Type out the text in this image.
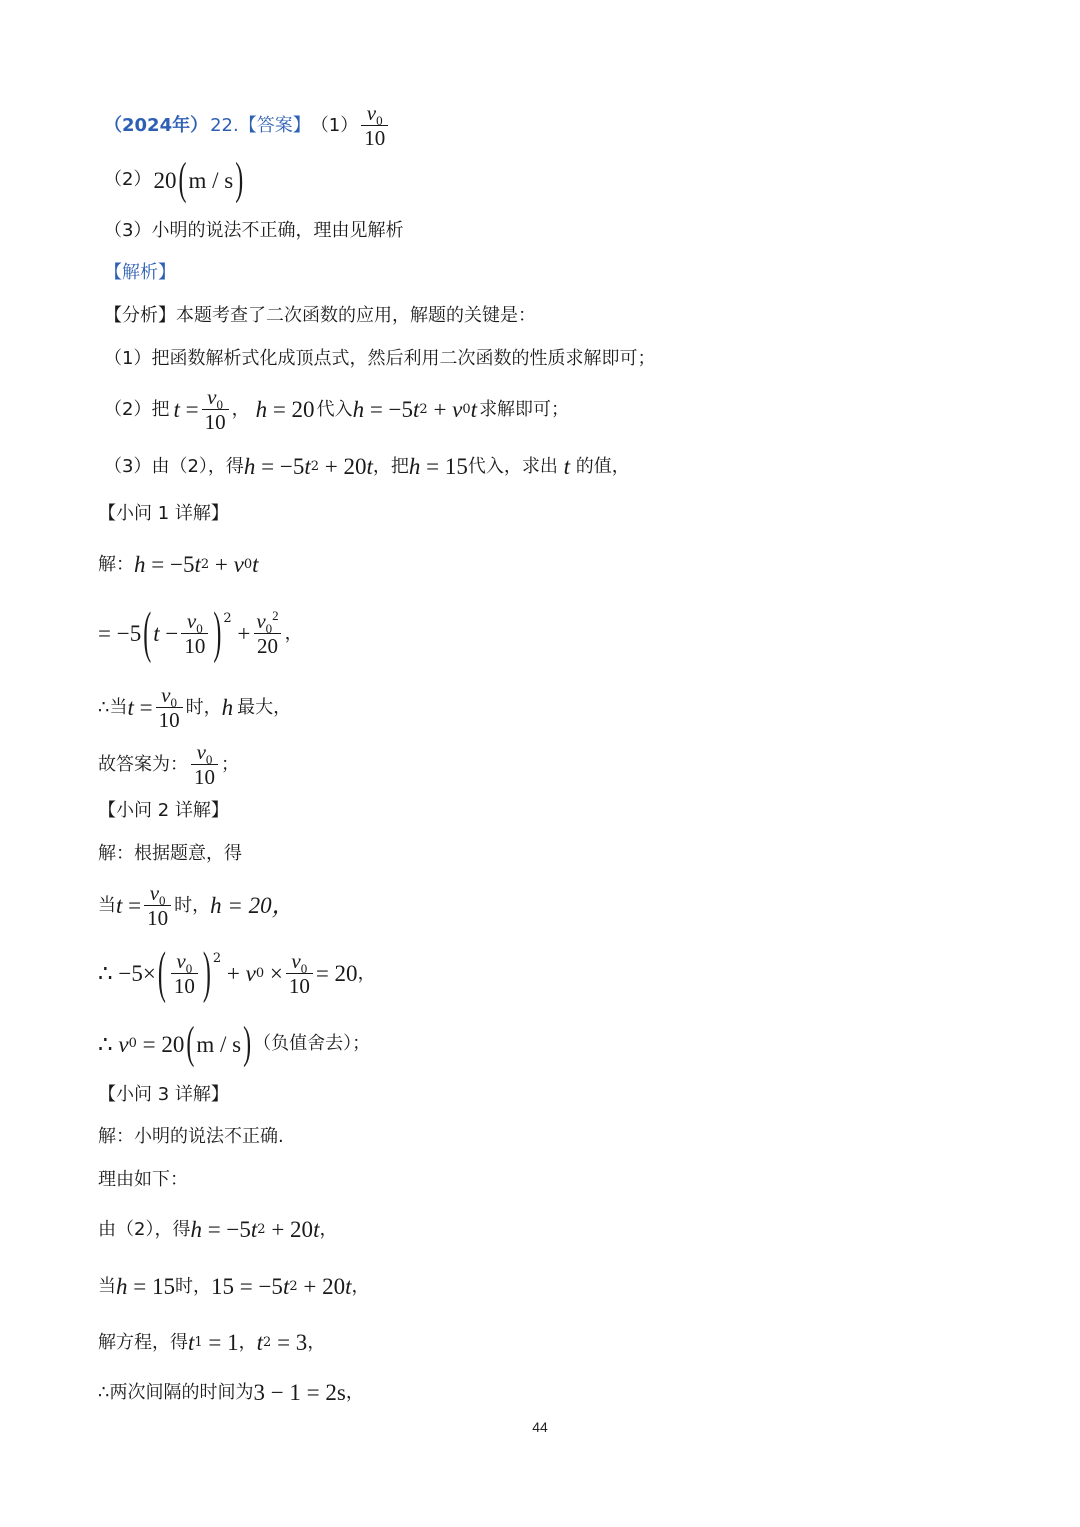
（2024年） 22. 【答案】 $(1) \frac{v_0}{10}$
（2） 20 ( m / s )
（3）小明的说法不正确，理由见解析
【解析】
【分析】本题考查了二次函数的应用，解题的关键是：
（1）把函数解析式化成顶点式，然后利用二次函数的性质求解即可；
（2）把 $t = \frac{v_0}{10}$ ， h = 20 代入 h = −5 t 2 + v 0 t 求解即可；
（3）由（2），得 h = −5 t 2 + 20 t ，把 h = 15 代入，求出 t 的值，
【小问 1 详解】
解： h = −5 t 2 + v 0 t
= −5 ( $t - \frac{v_0}{10}$ ) 2
+ $\frac{v_0^2}{20}$ ，
∴当 $t = \frac{v_0}{10}$ 时， h 最大，
故答案为： $\frac{v_0}{10}$ ；
【小问 2 详解】
解：根据题意，得
当 $t = \frac{v_0}{10}$ 时， h = 20，
∴ −5× ( $\frac{v_0}{10}$ ) 2
+ v $0 \times \frac{v_0}{10} = 20$ ，
∴ v 0 = 20 ( m / s ) （负值舍去）；
【小问 3 详解】
解：小明的说法不正确.
理由如下：
由（2），得 h = −5 t 2 + 20 t ，
当 h = 15 时， 15 = −5 t 2 + 20 t ，
解方程，得 t 1 = 1 ， t 2 = 3 ，
∴两次间隔的时间为 3 − 1 = 2s ，
44
